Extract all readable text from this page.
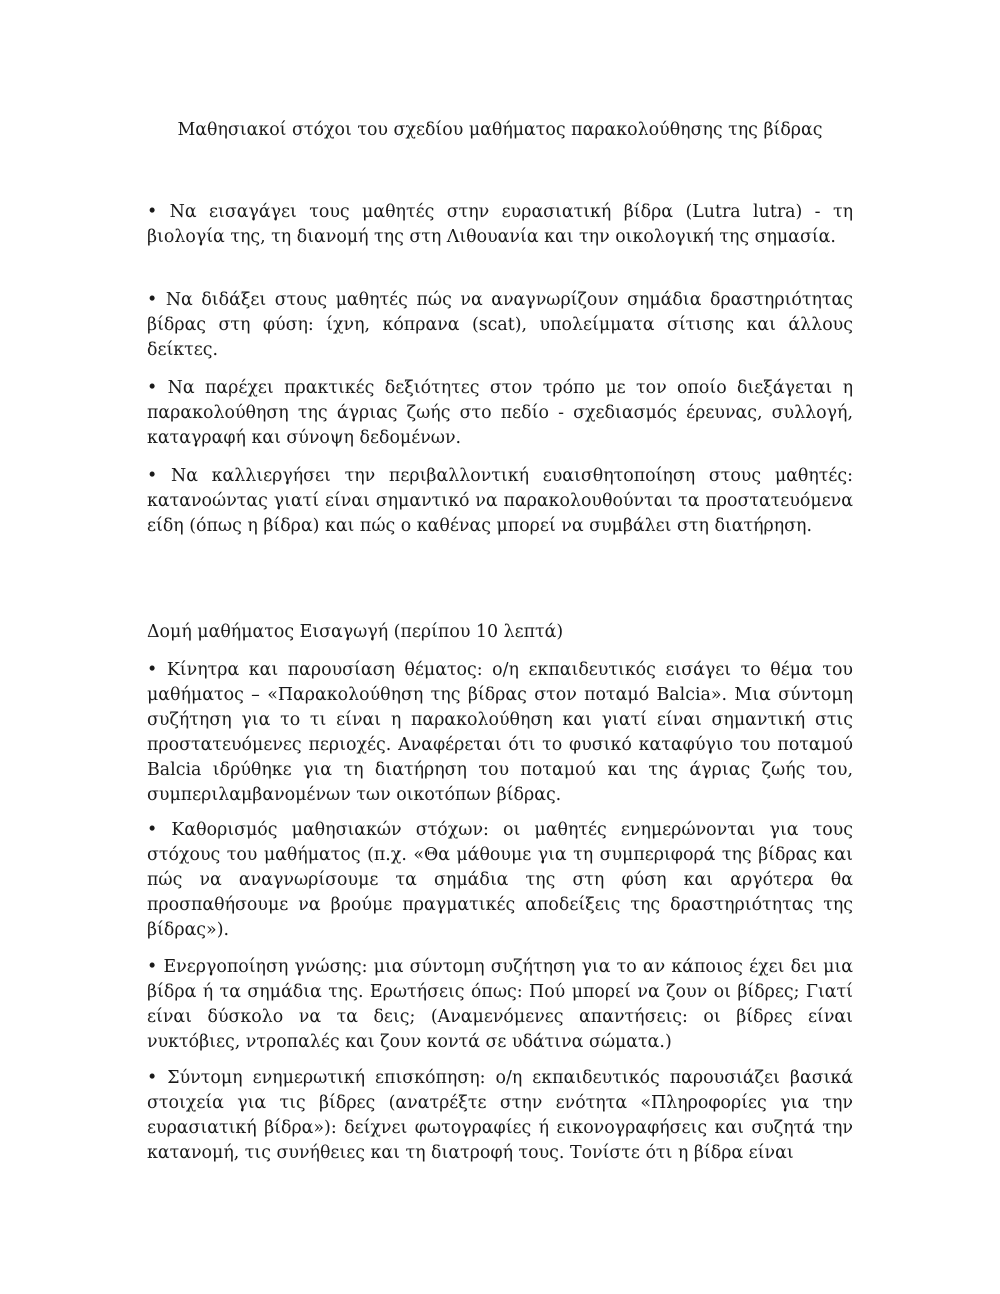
Μαθησιακοί στόχοι του σχεδίου μαθήματος παρακολούθησης της βίδρας

• Να εισαγάγει τους μαθητές στην ευρασιατική βίδρα (Lutra lutra) - τη βιολογία της, τη διανομή της στη Λιθουανία και την οικολογική της σημασία.

• Να διδάξει στους μαθητές πώς να αναγνωρίζουν σημάδια δραστηριότητας βίδρας στη φύση: ίχνη, κόπρανα (scat), υπολείμματα σίτισης και άλλους δείκτες.

• Να παρέχει πρακτικές δεξιότητες στον τρόπο με τον οποίο διεξάγεται η παρακολούθηση της άγριας ζωής στο πεδίο - σχεδιασμός έρευνας, συλλογή, καταγραφή και σύνοψη δεδομένων.

• Να καλλιεργήσει την περιβαλλοντική ευαισθητοποίηση στους μαθητές: κατανοώντας γιατί είναι σημαντικό να παρακολουθούνται τα προστατευόμενα είδη (όπως η βίδρα) και πώς ο καθένας μπορεί να συμβάλει στη διατήρηση.

Δομή μαθήματος Εισαγωγή (περίπου 10 λεπτά)

• Κίνητρα και παρουσίαση θέματος: ο/η εκπαιδευτικός εισάγει το θέμα του μαθήματος – «Παρακολούθηση της βίδρας στον ποταμό Balcia». Μια σύντομη συζήτηση για το τι είναι η παρακολούθηση και γιατί είναι σημαντική στις προστατευόμενες περιοχές. Αναφέρεται ότι το φυσικό καταφύγιο του ποταμού Balcia ιδρύθηκε για τη διατήρηση του ποταμού και της άγριας ζωής του, συμπεριλαμβανομένων των οικοτόπων βίδρας.

• Καθορισμός μαθησιακών στόχων: οι μαθητές ενημερώνονται για τους στόχους του μαθήματος (π.χ. «Θα μάθουμε για τη συμπεριφορά της βίδρας και πώς να αναγνωρίσουμε τα σημάδια της στη φύση και αργότερα θα προσπαθήσουμε να βρούμε πραγματικές αποδείξεις της δραστηριότητας της βίδρας»).

• Ενεργοποίηση γνώσης: μια σύντομη συζήτηση για το αν κάποιος έχει δει μια βίδρα ή τα σημάδια της. Ερωτήσεις όπως: Πού μπορεί να ζουν οι βίδρες; Γιατί είναι δύσκολο να τα δεις; (Αναμενόμενες απαντήσεις: οι βίδρες είναι νυκτόβιες, ντροπαλές και ζουν κοντά σε υδάτινα σώματα.)

• Σύντομη ενημερωτική επισκόπηση: ο/η εκπαιδευτικός παρουσιάζει βασικά στοιχεία για τις βίδρες (ανατρέξτε στην ενότητα «Πληροφορίες για την ευρασιατική βίδρα»): δείχνει φωτογραφίες ή εικονογραφήσεις και συζητά την κατανομή, τις συνήθειες και τη διατροφή τους. Τονίστε ότι η βίδρα είναι
